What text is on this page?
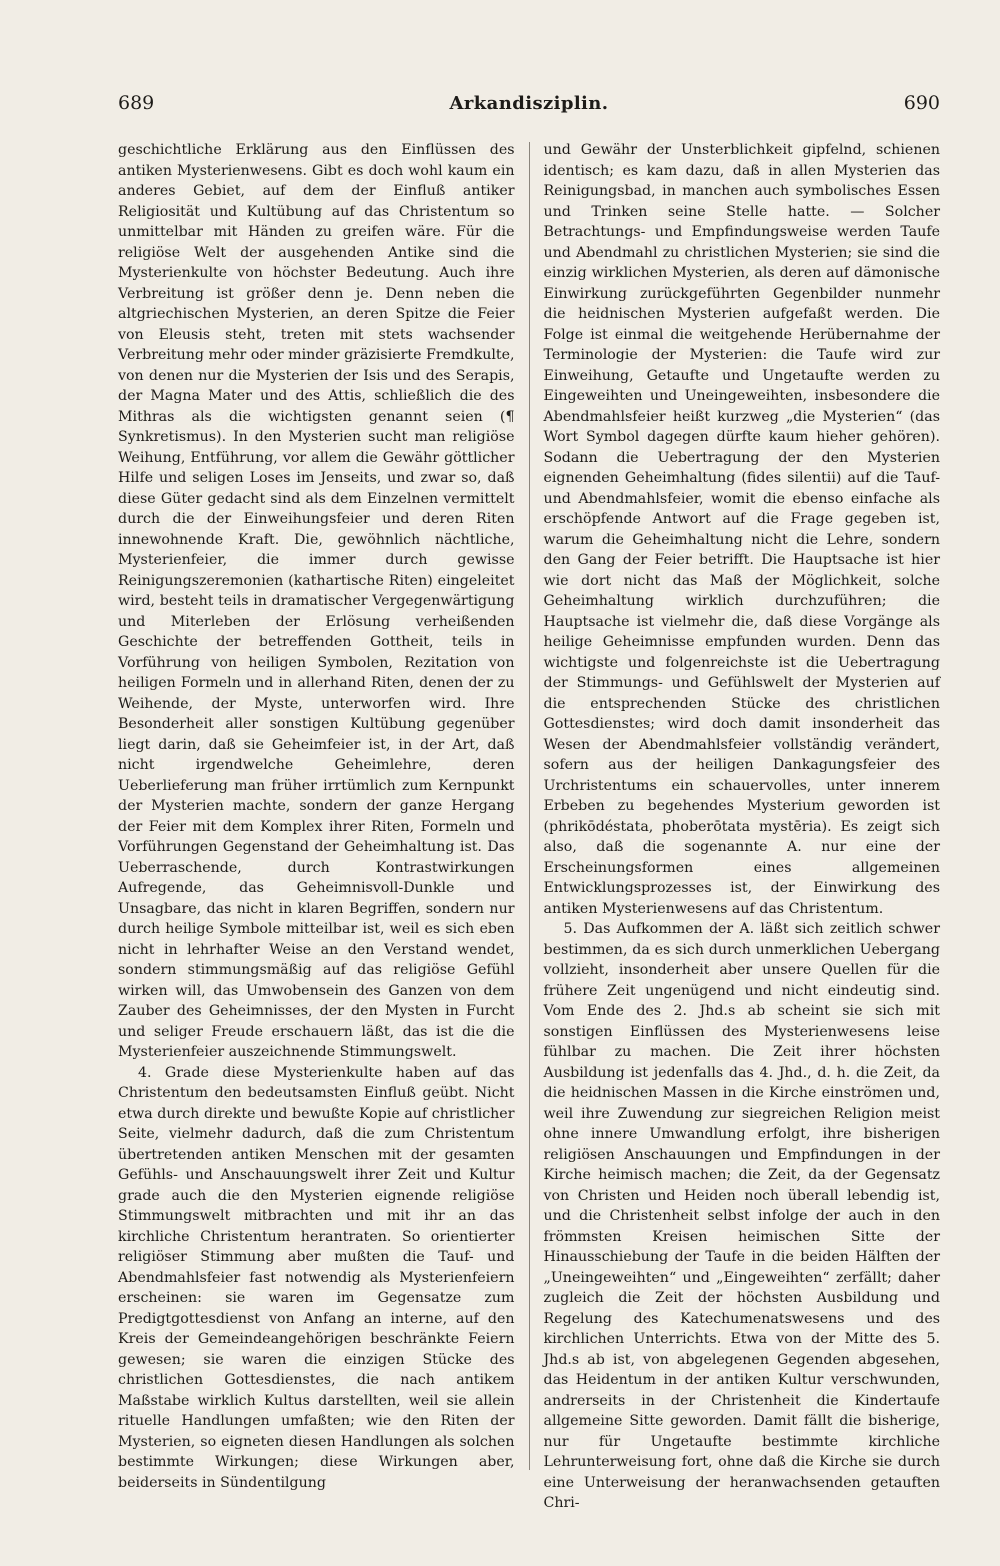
689	Arkandisziplin.	690

geschichtliche Erklärung aus den Einflüssen des antiken Mysterienwesens. Gibt es doch wohl kaum ein anderes Gebiet, auf dem der Einfluß antiker Religiosität und Kultübung auf das Christentum so unmittelbar mit Händen zu greifen wäre. Für die religiöse Welt der ausgehenden Antike sind die Mysterienkulte von höchster Bedeutung. Auch ihre Verbreitung ist größer denn je. Denn neben die altgriechischen Mysterien, an deren Spitze die Feier von Eleusis steht, treten mit stets wachsender Verbreitung mehr oder minder gräzisierte Fremdkulte, von denen nur die Mysterien der Isis und des Serapis, der Magna Mater und des Attis, schließlich die des Mithras als die wichtigsten genannt seien (¶ Synkretismus). In den Mysterien sucht man religiöse Weihung, Entführung, vor allem die Gewähr göttlicher Hilfe und seligen Loses im Jenseits, und zwar so, daß diese Güter gedacht sind als dem Einzelnen vermittelt durch die der Einweihungsfeier und deren Riten innewohnende Kraft. Die, gewöhnlich nächtliche, Mysterienfeier, die immer durch gewisse Reinigungszeremonien (kathartische Riten) eingeleitet wird, besteht teils in dramatischer Vergegenwärtigung und Miterleben der Erlösung verheißenden Geschichte der betreffenden Gottheit, teils in Vorführung von heiligen Symbolen, Rezitation von heiligen Formeln und in allerhand Riten, denen der zu Weihende, der Myste, unterworfen wird. Ihre Besonderheit aller sonstigen Kultübung gegenüber liegt darin, daß sie Geheimfeier ist, in der Art, daß nicht irgendwelche Geheimlehre, deren Ueberlieferung man früher irrtümlich zum Kernpunkt der Mysterien machte, sondern der ganze Hergang der Feier mit dem Komplex ihrer Riten, Formeln und Vorführungen Gegenstand der Geheimhaltung ist. Das Ueberraschende, durch Kontrastwirkungen Aufregende, das Geheimnisvoll-Dunkle und Unsagbare, das nicht in klaren Begriffen, sondern nur durch heilige Symbole mitteilbar ist, weil es sich eben nicht in lehrhafter Weise an den Verstand wendet, sondern stimmungsmäßig auf das religiöse Gefühl wirken will, das Umwobensein des Ganzen von dem Zauber des Geheimnisses, der den Mysten in Furcht und seliger Freude erschauern läßt, das ist die die Mysterienfeier auszeichnende Stimmungswelt.

4. Grade diese Mysterienkulte haben auf das Christentum den bedeutsamsten Einfluß geübt. Nicht etwa durch direkte und bewußte Kopie auf christlicher Seite, vielmehr dadurch, daß die zum Christentum übertretenden antiken Menschen mit der gesamten Gefühls- und Anschauungswelt ihrer Zeit und Kultur grade auch die den Mysterien eignende religiöse Stimmungswelt mitbrachten und mit ihr an das kirchliche Christentum herantraten. So orientierter religiöser Stimmung aber mußten die Tauf- und Abendmahlsfeier fast notwendig als Mysterienfeiern erscheinen: sie waren im Gegensatze zum Predigtgottesdienst von Anfang an interne, auf den Kreis der Gemeindeangehörigen beschränkte Feiern gewesen; sie waren die einzigen Stücke des christlichen Gottesdienstes, die nach antikem Maßstabe wirklich Kultus darstellten, weil sie allein rituelle Handlungen umfaßten; wie den Riten der Mysterien, so eigneten diesen Handlungen als solchen bestimmte Wirkungen; diese Wirkungen aber, beiderseits in Sündentilgung

und Gewähr der Unsterblichkeit gipfelnd, schienen identisch; es kam dazu, daß in allen Mysterien das Reinigungsbad, in manchen auch symbolisches Essen und Trinken seine Stelle hatte. — Solcher Betrachtungs- und Empfindungsweise werden Taufe und Abendmahl zu christlichen Mysterien; sie sind die einzig wirklichen Mysterien, als deren auf dämonische Einwirkung zurückgeführten Gegenbilder nunmehr die heidnischen Mysterien aufgefaßt werden. Die Folge ist einmal die weitgehende Herübernahme der Terminologie der Mysterien: die Taufe wird zur Einweihung, Getaufte und Ungetaufte werden zu Eingeweihten und Uneingeweihten, insbesondere die Abendmahlsfeier heißt kurzweg „die Mysterien“ (das Wort Symbol dagegen dürfte kaum hieher gehören). Sodann die Uebertragung der den Mysterien eignenden Geheimhaltung (fides silentii) auf die Tauf- und Abendmahlsfeier, womit die ebenso einfache als erschöpfende Antwort auf die Frage gegeben ist, warum die Geheimhaltung nicht die Lehre, sondern den Gang der Feier betrifft. Die Hauptsache ist hier wie dort nicht das Maß der Möglichkeit, solche Geheimhaltung wirklich durchzuführen; die Hauptsache ist vielmehr die, daß diese Vorgänge als heilige Geheimnisse empfunden wurden. Denn das wichtigste und folgenreichste ist die Uebertragung der Stimmungs- und Gefühlswelt der Mysterien auf die entsprechenden Stücke des christlichen Gottesdienstes; wird doch damit insonderheit das Wesen der Abendmahlsfeier vollständig verändert, sofern aus der heiligen Dankagungsfeier des Urchristentums ein schauervolles, unter innerem Erbeben zu begehendes Mysterium geworden ist (phrikōdéstata, phoberōtata mystēria). Es zeigt sich also, daß die sogenannte A. nur eine der Erscheinungsformen eines allgemeinen Entwicklungsprozesses ist, der Einwirkung des antiken Mysterienwesens auf das Christentum.

5. Das Aufkommen der A. läßt sich zeitlich schwer bestimmen, da es sich durch unmerklichen Uebergang vollzieht, insonderheit aber unsere Quellen für die frühere Zeit ungenügend und nicht eindeutig sind. Vom Ende des 2. Jhd.s ab scheint sie sich mit sonstigen Einflüssen des Mysterienwesens leise fühlbar zu machen. Die Zeit ihrer höchsten Ausbildung ist jedenfalls das 4. Jhd., d. h. die Zeit, da die heidnischen Massen in die Kirche einströmen und, weil ihre Zuwendung zur siegreichen Religion meist ohne innere Umwandlung erfolgt, ihre bisherigen religiösen Anschauungen und Empfindungen in der Kirche heimisch machen; die Zeit, da der Gegensatz von Christen und Heiden noch überall lebendig ist, und die Christenheit selbst infolge der auch in den frömmsten Kreisen heimischen Sitte der Hinausschiebung der Taufe in die beiden Hälften der „Uneingeweihten“ und „Eingeweihten“ zerfällt; daher zugleich die Zeit der höchsten Ausbildung und Regelung des Katechumenatswesens und des kirchlichen Unterrichts. Etwa von der Mitte des 5. Jhd.s ab ist, von abgelegenen Gegenden abgesehen, das Heidentum in der antiken Kultur verschwunden, andrerseits in der Christenheit die Kindertaufe allgemeine Sitte geworden. Damit fällt die bisherige, nur für Ungetaufte bestimmte kirchliche Lehrunterweisung fort, ohne daß die Kirche sie durch eine Unterweisung der heranwachsenden getauften Chri-
